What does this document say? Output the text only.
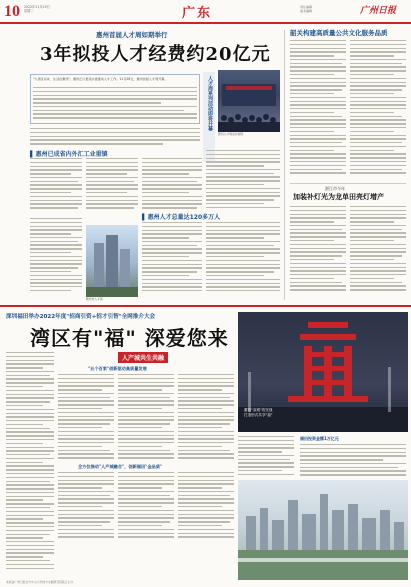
10 2022年11月29日
星期二	广东	责任编辑
美术编辑	广州日报
惠州首届人才周如期举行
3年拟投人才经费约20亿元
"大湾区东岸，生活在惠州"。惠州正以更高水准推动人才工作。11月28日，惠州首届人才周开幕。	人才周系列活动即将开幕
惠州人才周活动现场
▌ 惠州已成省内外汇工业重镇
▌ 惠州人才总量达120多万人
惠州市人才周
韶关构建高质量公共文化服务品质
湛江市今年
加装补灯光为龙单田亮灯增产
深圳福田举办2022年度"招商引资+招才引智"全网推介大会
湾区有"福" 深爱您来
蓄势"双城"攻坚战
打造形式共享"福"
人产城共生共融
"五个百家"创新驱动高质量发展
全方位推动"人产城融合"，创新福田"金品质"
福田投资金额1万亿元
本版由广州日报社与中山大学地方文献研究院联合主办
